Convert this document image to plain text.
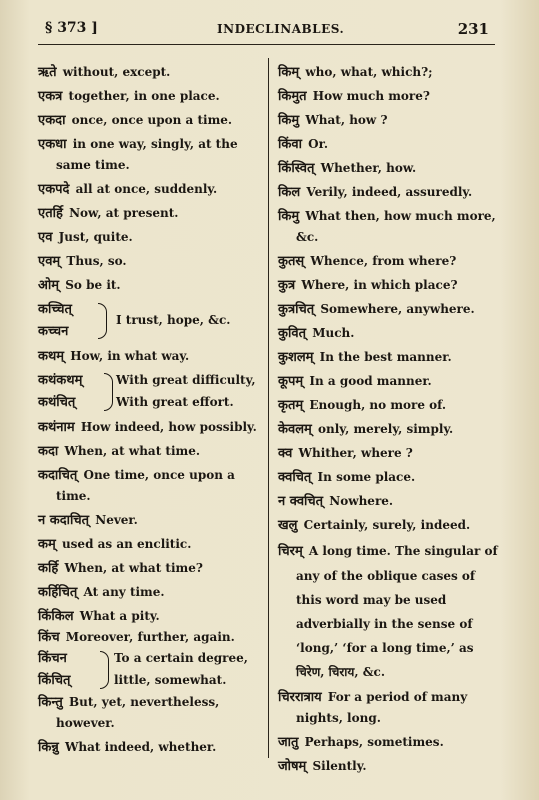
§ 373 ]	INDECLINABLES.	231
ऋते without, except.
एकत्र together, in one place.
एकदा once, once upon a time.
एकधा in one way, singly, at the same time.
एकपदे all at once, suddenly.
एतर्हि Now, at present.
एव Just, quite.
एवम् Thus, so.
ओम् So be it.
कच्चित्
कच्चन
I trust, hope, &c.
कथम् How, in what way.
कथंकथम्
कथंचित्
With great difficulty,
With great effort.
कथंनाम How indeed, how possibly.
कदा When, at what time.
कदाचित् One time, once upon a time.
न कदाचित् Never.
कम् used as an enclitic.
कर्हि When, at what time?
कर्हिचित् At any time.
किंकिल What a pity.
किंच Moreover, further, again.
किंचन
किंचित्
To a certain degree,
little, somewhat.
किन्तु But, yet, nevertheless, however.
किन्नु What indeed, whether.
किम् who, what, which?;
किमुत How much more?
किमु What, how ?
किंवा Or.
किंस्वित् Whether, how.
किल Verily, indeed, assuredly.
किमु What then, how much more, &c.
कुतस् Whence, from where?
कुत्र Where, in which place?
कुत्रचित् Somewhere, anywhere.
कुवित् Much.
कुशलम् In the best manner.
कूपम् In a good manner.
कृतम् Enough, no more of.
केवलम् only, merely, simply.
क्व Whither, where ?
क्वचित् In some place.
न क्वचित् Nowhere.
खलु Certainly, surely, indeed.
चिरम् A long time. The singular of any of the oblique cases of this word may be used adverbially in the sense of ‘long,’ ‘for a long time,’ as चिरेण, चिराय, &c.
चिररात्राय For a period of many nights, long.
जातु Perhaps, sometimes.
जोषम् Silently.
